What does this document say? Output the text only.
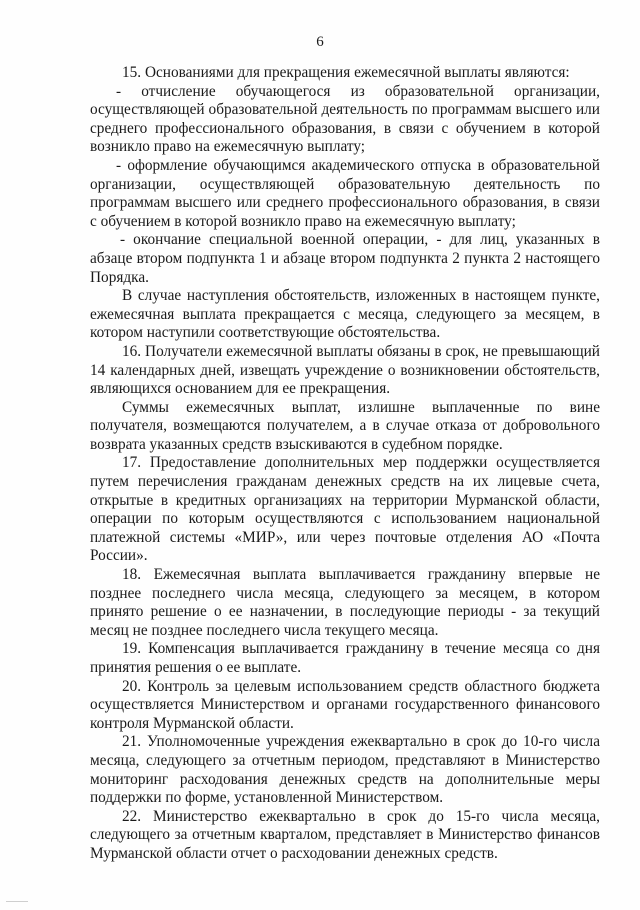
6

15. Основаниями для прекращения ежемесячной выплаты являются:

- отчисление обучающегося из образовательной организации, осуществляющей образовательной деятельность по программам высшего или среднего профессионального образования, в связи с обучением в которой возникло право на ежемесячную выплату;

- оформление обучающимся академического отпуска в образовательной организации, осуществляющей образовательную деятельность по программам высшего или среднего профессионального образования, в связи с обучением в которой возникло право на ежемесячную выплату;

- окончание специальной военной операции, - для лиц, указанных в абзаце втором подпункта 1 и абзаце втором подпункта 2 пункта 2 настоящего Порядка.

В случае наступления обстоятельств, изложенных в настоящем пункте, ежемесячная выплата прекращается с месяца, следующего за месяцем, в котором наступили соответствующие обстоятельства.

16. Получатели ежемесячной выплаты обязаны в срок, не превышающий 14 календарных дней, извещать учреждение о возникновении обстоятельств, являющихся основанием для ее прекращения.

Суммы ежемесячных выплат, излишне выплаченные по вине получателя, возмещаются получателем, а в случае отказа от добровольного возврата указанных средств взыскиваются в судебном порядке.

17. Предоставление дополнительных мер поддержки осуществляется путем перечисления гражданам денежных средств на их лицевые счета, открытые в кредитных организациях на территории Мурманской области, операции по которым осуществляются с использованием национальной платежной системы «МИР», или через почтовые отделения АО «Почта России».

18. Ежемесячная выплата выплачивается гражданину впервые не позднее последнего числа месяца, следующего за месяцем, в котором принято решение о ее назначении, в последующие периоды - за текущий месяц не позднее последнего числа текущего месяца.

19. Компенсация выплачивается гражданину в течение месяца со дня принятия решения о ее выплате.

20. Контроль за целевым использованием средств областного бюджета осуществляется Министерством и органами государственного финансового контроля Мурманской области.

21. Уполномоченные учреждения ежеквартально в срок до 10-го числа месяца, следующего за отчетным периодом, представляют в Министерство мониторинг расходования денежных средств на дополнительные меры поддержки по форме, установленной Министерством.

22. Министерство ежеквартально в срок до 15-го числа месяца, следующего за отчетным кварталом, представляет в Министерство финансов Мурманской области отчет о расходовании денежных средств.
